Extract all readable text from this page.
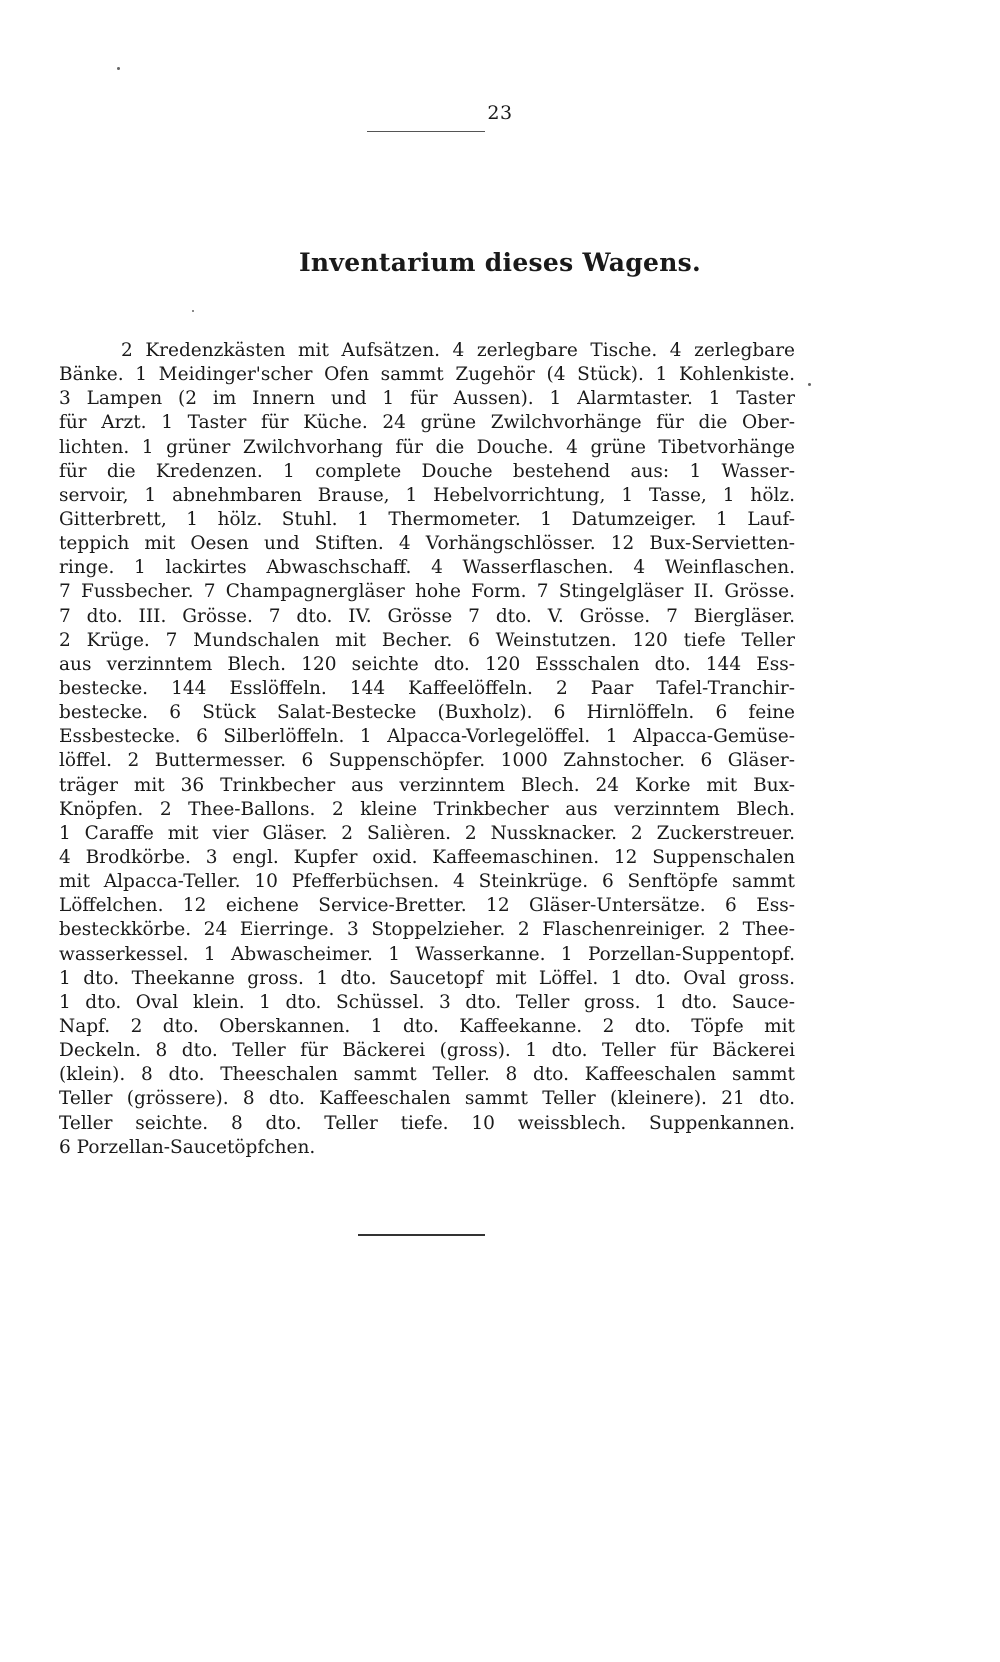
23
Inventarium dieses Wagens.
2 Kredenzkästen mit Aufsätzen. 4 zerlegbare Tische. 4 zerlegbare
Bänke. 1 Meidinger'scher Ofen sammt Zugehör (4 Stück). 1 Kohlenkiste.
3 Lampen (2 im Innern und 1 für Aussen). 1 Alarmtaster. 1 Taster
für Arzt. 1 Taster für Küche. 24 grüne Zwilchvorhänge für die Ober-
lichten. 1 grüner Zwilchvorhang für die Douche. 4 grüne Tibetvorhänge
für die Kredenzen. 1 complete Douche bestehend aus: 1 Wasser-
servoir, 1 abnehmbaren Brause, 1 Hebelvorrichtung, 1 Tasse, 1 hölz.
Gitterbrett, 1 hölz. Stuhl. 1 Thermometer. 1 Datumzeiger. 1 Lauf-
teppich mit Oesen und Stiften. 4 Vorhängschlösser. 12 Bux-Servietten-
ringe. 1 lackirtes Abwaschschaff. 4 Wasserflaschen. 4 Weinflaschen.
7 Fussbecher. 7 Champagnergläser hohe Form. 7 Stingelgläser II. Grösse.
7 dto. III. Grösse. 7 dto. IV. Grösse 7 dto. V. Grösse. 7 Biergläser.
2 Krüge. 7 Mundschalen mit Becher. 6 Weinstutzen. 120 tiefe Teller
aus verzinntem Blech. 120 seichte dto. 120 Essschalen dto. 144 Ess-
bestecke. 144 Esslöffeln. 144 Kaffeelöffeln. 2 Paar Tafel-Tranchir-
bestecke. 6 Stück Salat-Bestecke (Buxholz). 6 Hirnlöffeln. 6 feine
Essbestecke. 6 Silberlöffeln. 1 Alpacca-Vorlegelöffel. 1 Alpacca-Gemüse-
löffel. 2 Buttermesser. 6 Suppenschöpfer. 1000 Zahnstocher. 6 Gläser-
träger mit 36 Trinkbecher aus verzinntem Blech. 24 Korke mit Bux-
Knöpfen. 2 Thee-Ballons. 2 kleine Trinkbecher aus verzinntem Blech.
1 Caraffe mit vier Gläser. 2 Salièren. 2 Nussknacker. 2 Zuckerstreuer.
4 Brodkörbe. 3 engl. Kupfer oxid. Kaffeemaschinen. 12 Suppenschalen
mit Alpacca-Teller. 10 Pfefferbüchsen. 4 Steinkrüge. 6 Senftöpfe sammt
Löffelchen. 12 eichene Service-Bretter. 12 Gläser-Untersätze. 6 Ess-
besteckkörbe. 24 Eierringe. 3 Stoppelzieher. 2 Flaschenreiniger. 2 Thee-
wasserkessel. 1 Abwascheimer. 1 Wasserkanne. 1 Porzellan-Suppentopf.
1 dto. Theekanne gross. 1 dto. Saucetopf mit Löffel. 1 dto. Oval gross.
1 dto. Oval klein. 1 dto. Schüssel. 3 dto. Teller gross. 1 dto. Sauce-
Napf. 2 dto. Oberskannen. 1 dto. Kaffeekanne. 2 dto. Töpfe mit
Deckeln. 8 dto. Teller für Bäckerei (gross). 1 dto. Teller für Bäckerei
(klein). 8 dto. Theeschalen sammt Teller. 8 dto. Kaffeeschalen sammt
Teller (grössere). 8 dto. Kaffeeschalen sammt Teller (kleinere). 21 dto.
Teller seichte. 8 dto. Teller tiefe. 10 weissblech. Suppenkannen.
6 Porzellan-Saucetöpfchen.
